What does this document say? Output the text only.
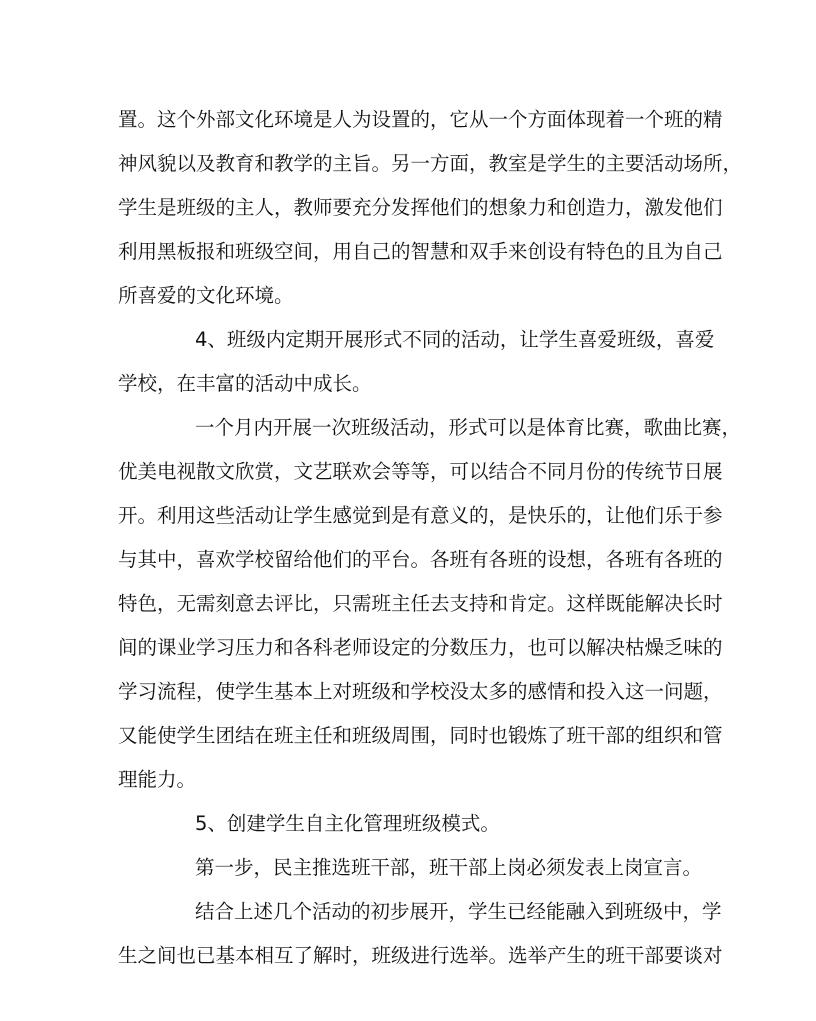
置。这个外部文化环境是人为设置的，它从一个方面体现着一个班的精
神风貌以及教育和教学的主旨。另一方面，教室是学生的主要活动场所，
学生是班级的主人，教师要充分发挥他们的想象力和创造力，激发他们
利用黑板报和班级空间，用自己的智慧和双手来创设有特色的且为自己
所喜爱的文化环境。
4、班级内定期开展形式不同的活动，让学生喜爱班级，喜爱
学校，在丰富的活动中成长。
一个月内开展一次班级活动，形式可以是体育比赛，歌曲比赛，
优美电视散文欣赏，文艺联欢会等等，可以结合不同月份的传统节日展
开。利用这些活动让学生感觉到是有意义的，是快乐的，让他们乐于参
与其中，喜欢学校留给他们的平台。各班有各班的设想，各班有各班的
特色，无需刻意去评比，只需班主任去支持和肯定。这样既能解决长时
间的课业学习压力和各科老师设定的分数压力，也可以解决枯燥乏味的
学习流程，使学生基本上对班级和学校没太多的感情和投入这一问题，
又能使学生团结在班主任和班级周围，同时也锻炼了班干部的组织和管
理能力。
5、创建学生自主化管理班级模式。
第一步，民主推选班干部，班干部上岗必须发表上岗宣言。
结合上述几个活动的初步展开，学生已经能融入到班级中，学
生之间也已基本相互了解时，班级进行选举。选举产生的班干部要谈对
